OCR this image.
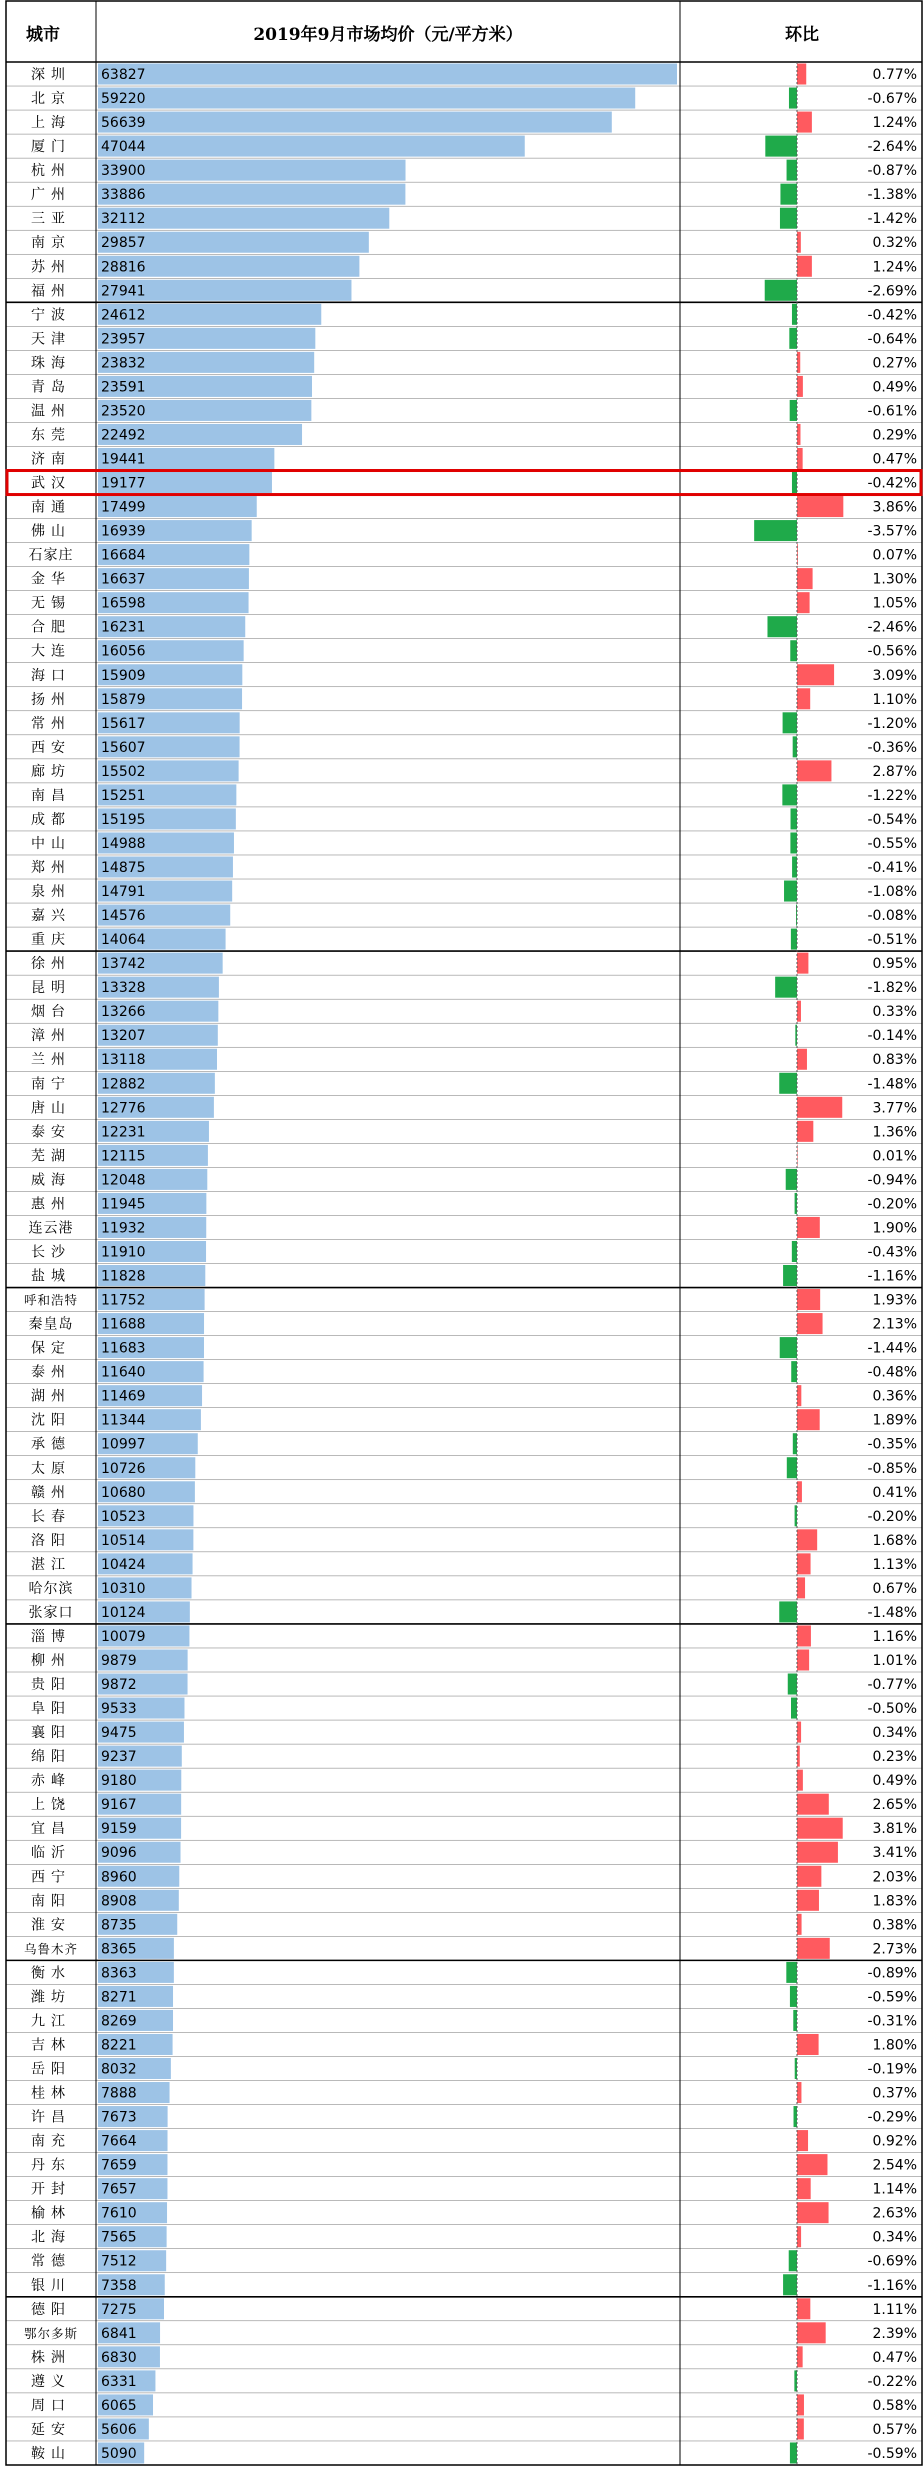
城市	2019年9月市场均价（元/平方米）	环比
深圳 63827	0.77%
北京 59220	-0.67%
上海 56639	1.24%
厦门 47044	-2.64%
杭州 33900	-0.87%
广州 33886	-1.38%
三亚 32112	-1.42%
南京 29857	0.32%
苏州 28816	1.24%
福州 27941	-2.69%
宁波 24612	-0.42%
天津 23957	-0.64%
珠海 23832	0.27%
青岛 23591	0.49%
温州 23520	-0.61%
东莞 22492	0.29%
济南 19441	0.47%
武汉 19177	-0.42%
南通 17499	3.86%
佛山 16939	-3.57%
石家庄 16684	0.07%
金华 16637	1.30%
无锡 16598	1.05%
合肥 16231	-2.46%
大连 16056	-0.56%
海口 15909	3.09%
扬州 15879	1.10%
常州 15617	-1.20%
西安 15607	-0.36%
廊坊 15502	2.87%
南昌 15251	-1.22%
成都 15195	-0.54%
中山 14988	-0.55%
郑州 14875	-0.41%
泉州 14791	-1.08%
嘉兴 14576	-0.08%
重庆 14064	-0.51%
徐州 13742	0.95%
昆明 13328	-1.82%
烟台 13266	0.33%
漳州 13207	-0.14%
兰州 13118	0.83%
南宁 12882	-1.48%
唐山 12776	3.77%
泰安 12231	1.36%
芜湖 12115	0.01%
威海 12048	-0.94%
惠州 11945	-0.20%
连云港 11932	1.90%
长沙 11910	-0.43%
盐城 11828	-1.16%
呼和浩特 11752	1.93%
秦皇岛 11688	2.13%
保定 11683	-1.44%
泰州 11640	-0.48%
湖州 11469	0.36%
沈阳 11344	1.89%
承德 10997	-0.35%
太原 10726	-0.85%
赣州 10680	0.41%
长春 10523	-0.20%
洛阳 10514	1.68%
湛江 10424	1.13%
哈尔滨 10310	0.67%
张家口 10124	-1.48%
淄博 10079	1.16%
柳州 9879	1.01%
贵阳 9872	-0.77%
阜阳 9533	-0.50%
襄阳 9475	0.34%
绵阳 9237	0.23%
赤峰 9180	0.49%
上饶 9167	2.65%
宜昌 9159	3.81%
临沂 9096	3.41%
西宁 8960	2.03%
南阳 8908	1.83%
淮安 8735	0.38%
乌鲁木齐 8365	2.73%
衡水 8363	-0.89%
潍坊 8271	-0.59%
九江 8269	-0.31%
吉林 8221	1.80%
岳阳 8032	-0.19%
桂林 7888	0.37%
许昌 7673	-0.29%
南充 7664	0.92%
丹东 7659	2.54%
开封 7657	1.14%
榆林 7610	2.63%
北海 7565	0.34%
常德 7512	-0.69%
银川 7358	-1.16%
德阳 7275	1.11%
鄂尔多斯 6841	2.39%
株洲 6830	0.47%
遵义 6331	-0.22%
周口 6065	0.58%
延安 5606	0.57%
鞍山 5090	-0.59%
